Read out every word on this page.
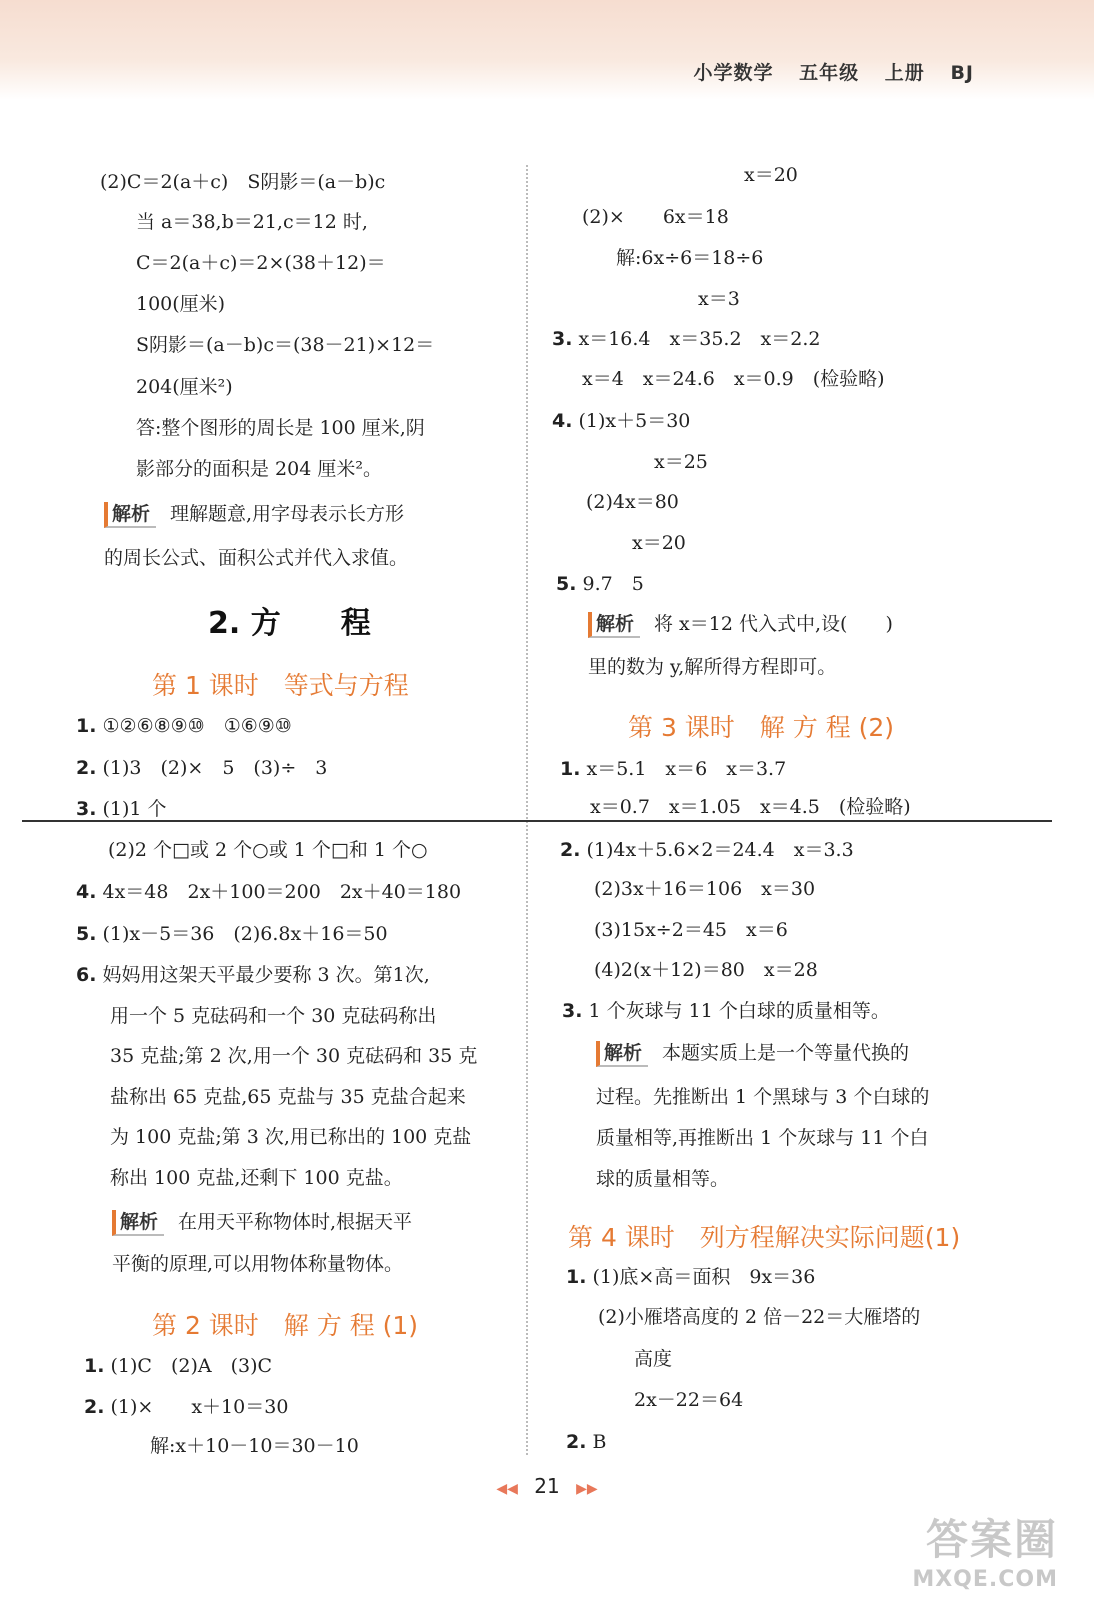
小学数学 五年级 上册 BJ
(2)C＝2(a＋c)　S阴影＝(a－b)c
当 a＝38,b＝21,c＝12 时,
C＝2(a＋c)＝2×(38＋12)＝
100(厘米)
S阴影＝(a－b)c＝(38－21)×12＝
204(厘米²)
答:整个图形的周长是 100 厘米,阴
影部分的面积是 204 厘米²。
解析 理解题意,用字母表示长方形
的周长公式、面积公式并代入求值。
2. 方　　程
第 1 课时　等式与方程
1. ①②⑥⑧⑨⑩　①⑥⑨⑩
2. (1)3　(2)×　5　(3)÷　3
3. (1)1 个
(2)2 个□或 2 个○或 1 个□和 1 个○
4. 4x＝48　2x＋100＝200　2x＋40＝180
5. (1)x－5＝36　(2)6.8x＋16＝50
6. 妈妈用这架天平最少要称 3 次。第1次,
用一个 5 克砝码和一个 30 克砝码称出
35 克盐;第 2 次,用一个 30 克砝码和 35 克
盐称出 65 克盐,65 克盐与 35 克盐合起来
为 100 克盐;第 3 次,用已称出的 100 克盐
称出 100 克盐,还剩下 100 克盐。
解析 在用天平称物体时,根据天平
平衡的原理,可以用物体称量物体。
第 2 课时　解 方 程 (1)
1. (1)C　(2)A　(3)C
2. (1)×　　x＋10＝30
解:x＋10－10＝30－10
x＝20
(2)×　　6x＝18
解:6x÷6＝18÷6
x＝3
3. x＝16.4　x＝35.2　x＝2.2
x＝4　x＝24.6　x＝0.9　(检验略)
4. (1)x＋5＝30
x＝25
(2)4x＝80
x＝20
5. 9.7　5
解析 将 x＝12 代入式中,设(　　)
里的数为 y,解所得方程即可。
第 3 课时　解 方 程 (2)
1. x＝5.1　x＝6　x＝3.7
x＝0.7　x＝1.05　x＝4.5　(检验略)
2. (1)4x＋5.6×2＝24.4　x＝3.3
(2)3x＋16＝106　x＝30
(3)15x÷2＝45　x＝6
(4)2(x＋12)＝80　x＝28
3. 1 个灰球与 11 个白球的质量相等。
解析 本题实质上是一个等量代换的
过程。先推断出 1 个黑球与 3 个白球的
质量相等,再推断出 1 个灰球与 11 个白
球的质量相等。
第 4 课时　列方程解决实际问题(1)
1. (1)底×高＝面积　9x＝36
(2)小雁塔高度的 2 倍－22＝大雁塔的
高度
2x－22＝64
2. B
◀◀ 21 ▶▶
答案圈
MXQE.COM
